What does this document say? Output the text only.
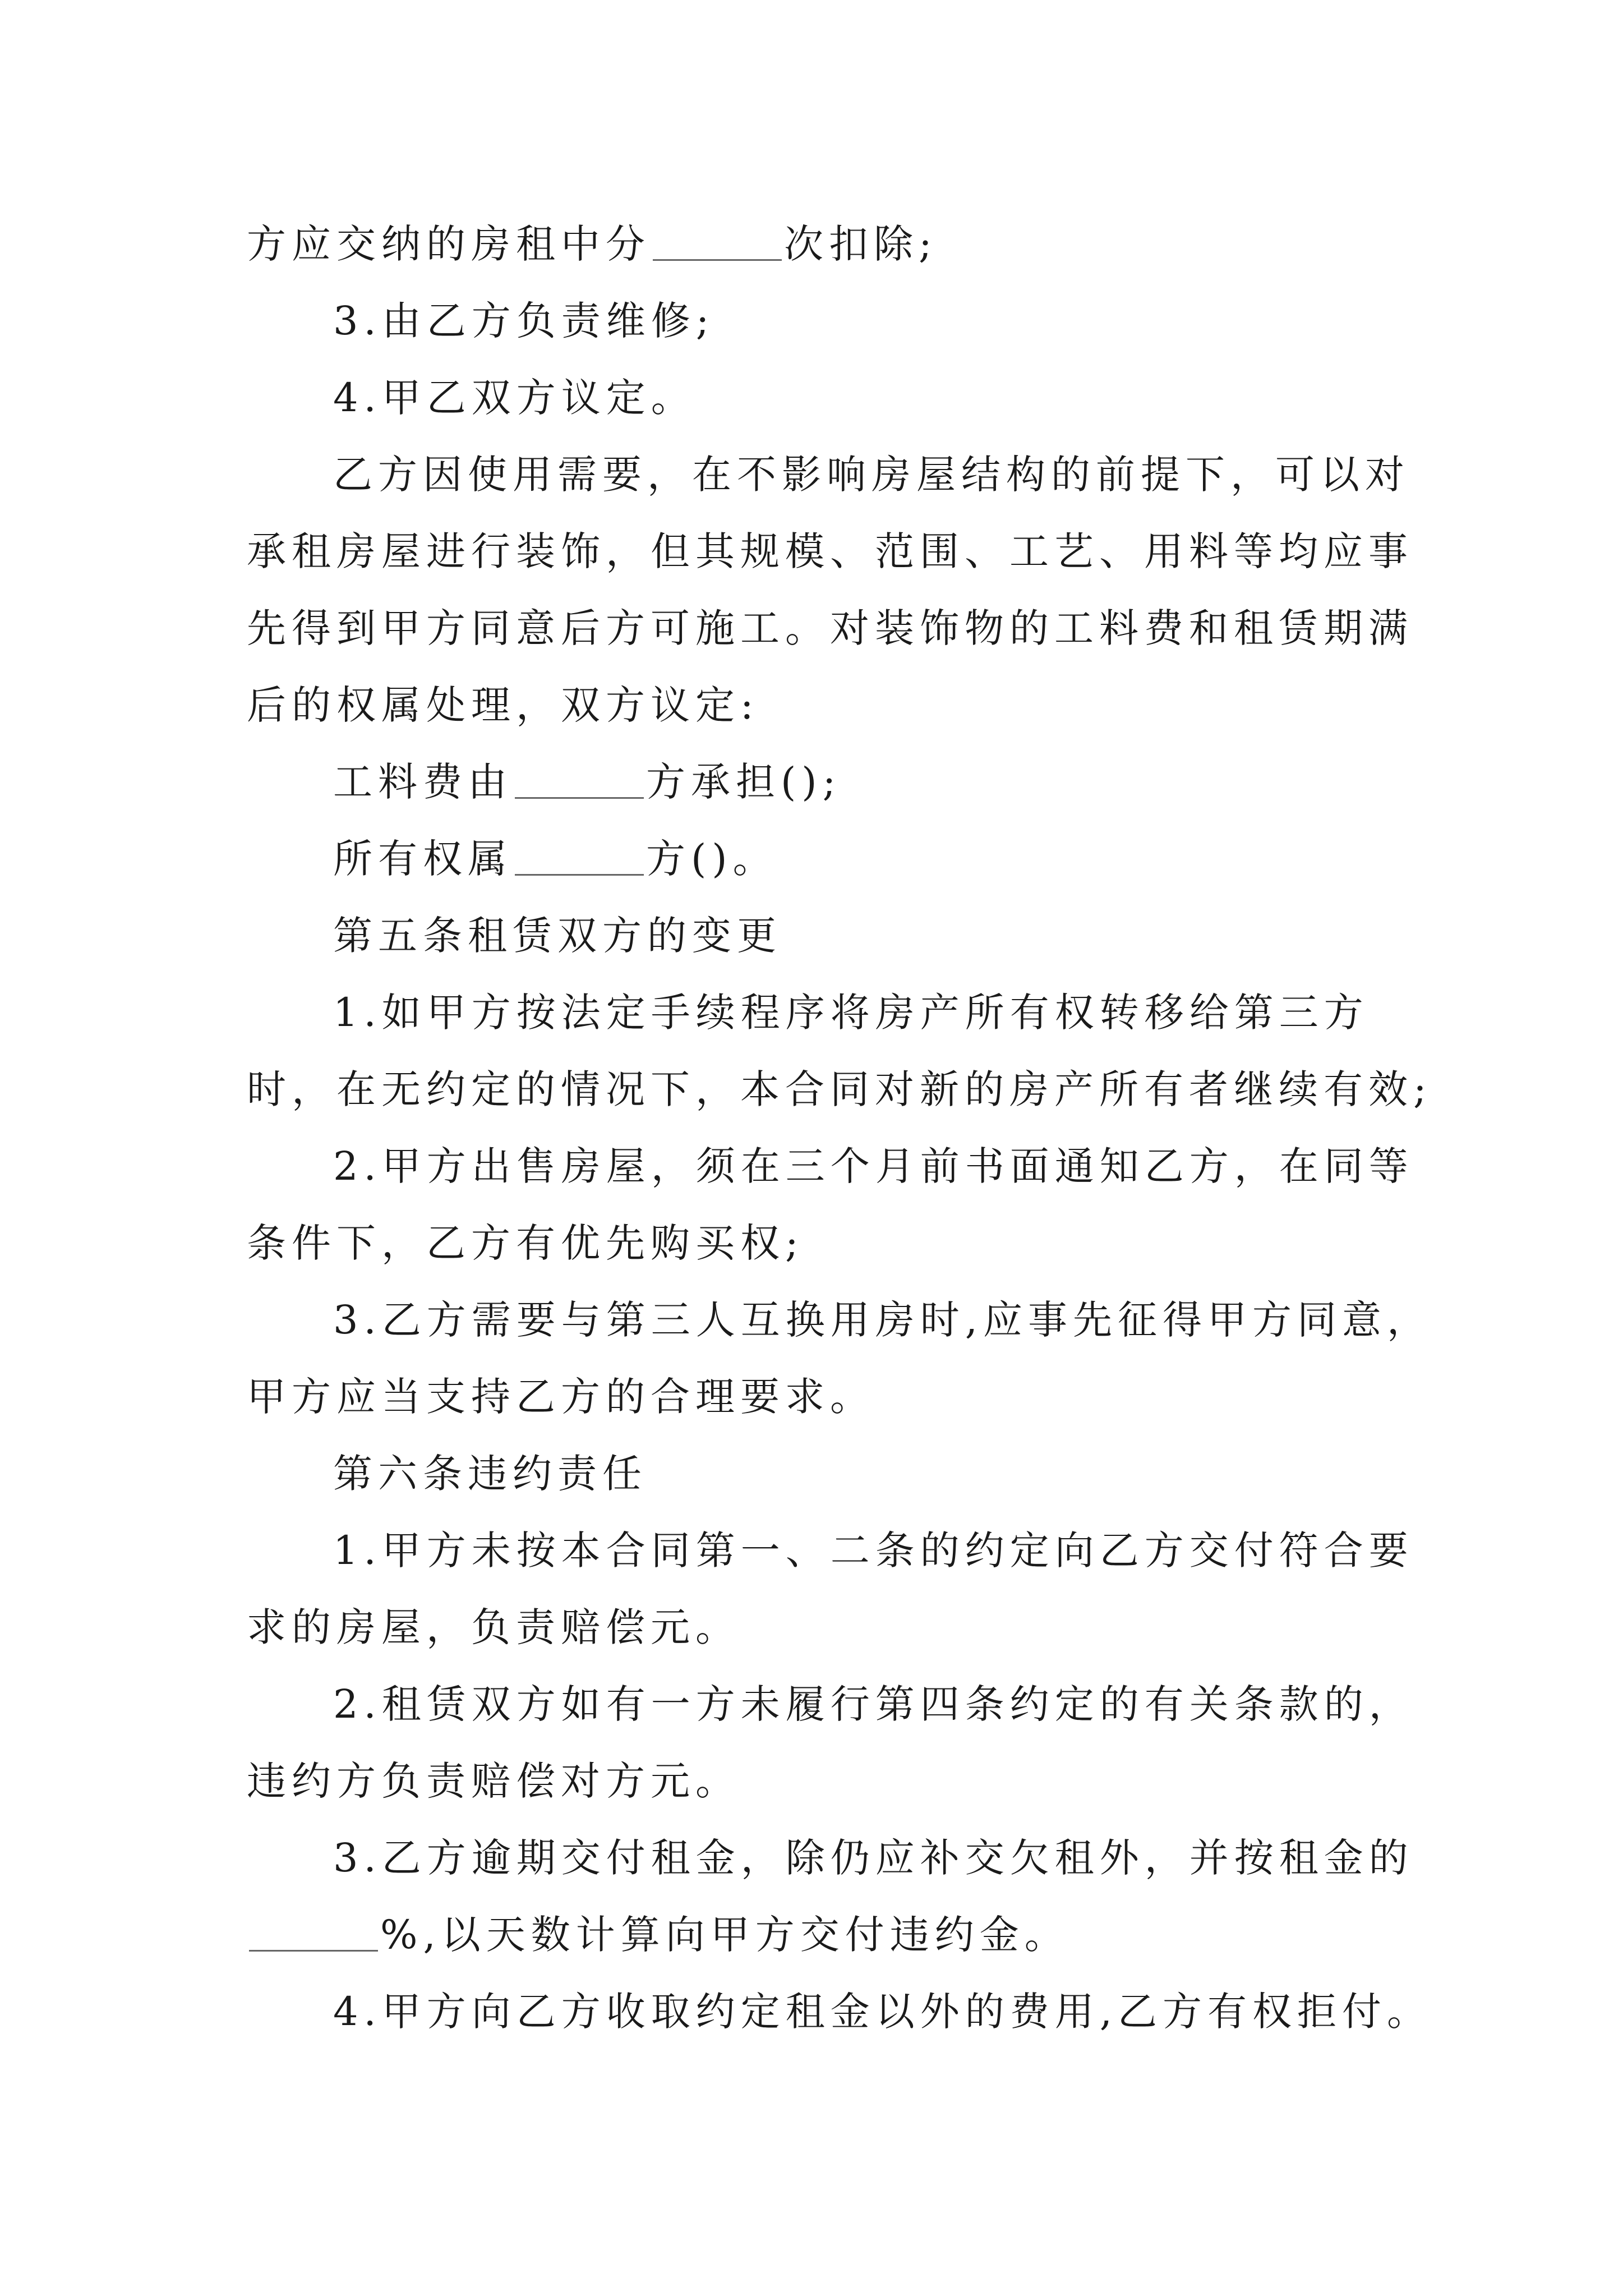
方应交纳的房租中分	次扣除;
3.由乙方负责维修;
4.甲乙双方议定。
乙方因使用需要，在不影响房屋结构的前提下，可以对
承租房屋进行装饰，但其规模、范围、工艺、用料等均应事
先得到甲方同意后方可施工。对装饰物的工料费和租赁期满
后的权属处理，双方议定:
工料费由	方承担();
所有权属	方()。
第五条租赁双方的变更
1.如甲方按法定手续程序将房产所有权转移给第三方
时，在无约定的情况下，本合同对新的房产所有者继续有效;
2.甲方出售房屋，须在三个月前书面通知乙方，在同等
条件下，乙方有优先购买权;
3.乙方需要与第三人互换用房时,应事先征得甲方同意，
甲方应当支持乙方的合理要求。
第六条违约责任
1.甲方未按本合同第一、二条的约定向乙方交付符合要
求的房屋，负责赔偿元。
2.租赁双方如有一方未履行第四条约定的有关条款的，
违约方负责赔偿对方元。
3.乙方逾期交付租金，除仍应补交欠租外，并按租金的
%,以天数计算向甲方交付违约金。
4.甲方向乙方收取约定租金以外的费用,乙方有权拒付。
